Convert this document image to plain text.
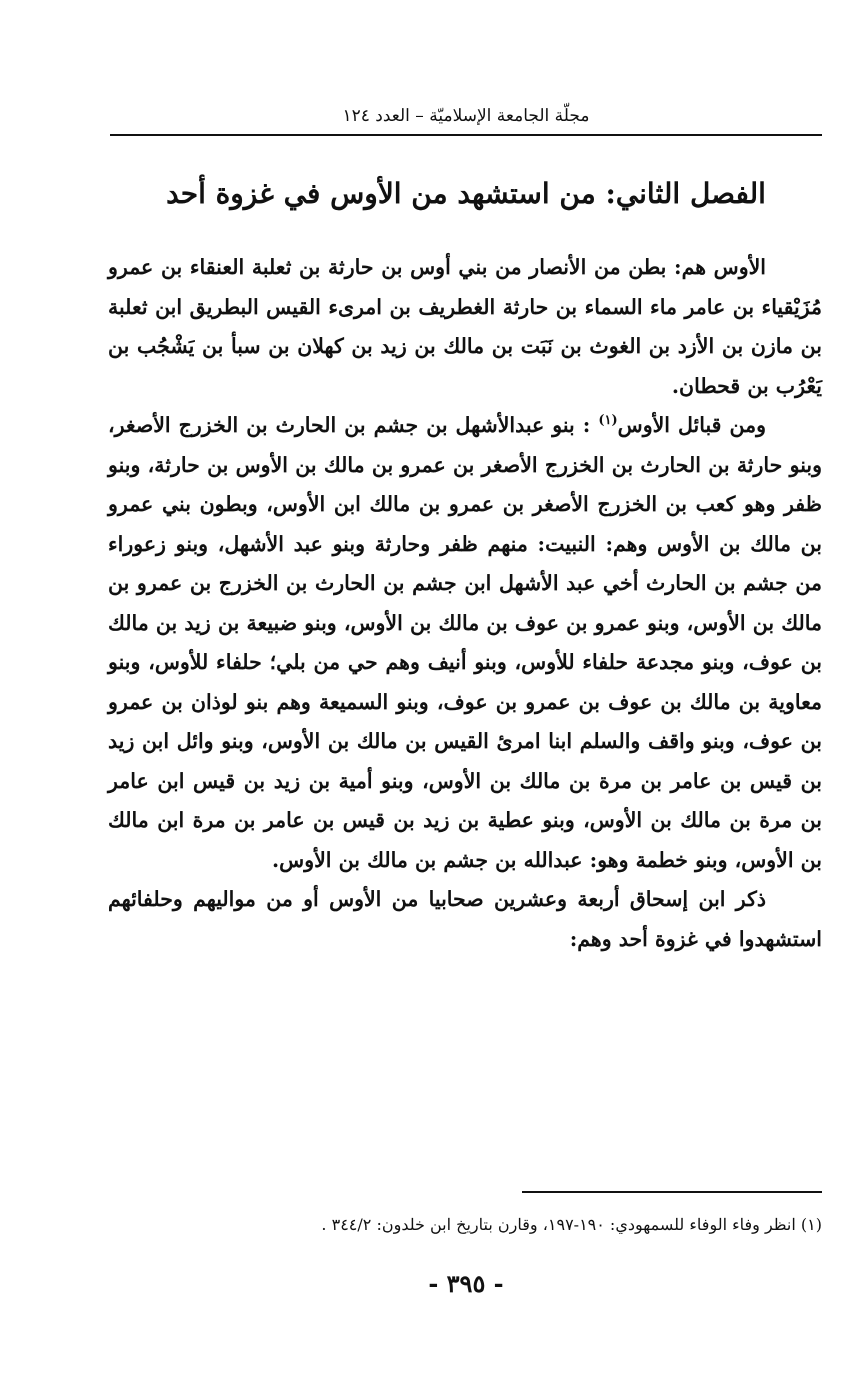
مجلّة الجامعة الإسلاميّة – العدد ١٢٤
الفصل الثاني: من استشهد من الأوس في غزوة أحد

الأوس هم: بطن من الأنصار من بني أوس بن حارثة بن ثعلبة العنقاء بن عمرو مُزَيْقياء بن عامر ماء السماء بن حارثة الغطريف بن امرىء القيس البطريق ابن ثعلبة بن مازن بن الأزد بن الغوث بن نَبَت بن مالك بن زيد بن كهلان بن سبأ بن يَشْجُب بن يَعْرُب بن قحطان.

ومن قبائل الأوس$^{(١)}$ : بنو عبدالأشهل بن جشم بن الحارث بن الخزرج الأصغر، وبنو حارثة بن الحارث بن الخزرج الأصغر بن عمرو بن مالك بن الأوس بن حارثة، وبنو ظفر وهو كعب بن الخزرج الأصغر بن عمرو بن مالك ابن الأوس، وبطون بني عمرو بن مالك بن الأوس وهم: النبيت: منهم ظفر وحارثة وبنو عبد الأشهل، وبنو زعوراء من جشم بن الحارث أخي عبد الأشهل ابن جشم بن الحارث بن الخزرج بن عمرو بن مالك بن الأوس، وبنو عمرو بن عوف بن مالك بن الأوس، وبنو ضبيعة بن زيد بن مالك بن عوف، وبنو مجدعة حلفاء للأوس، وبنو أنيف وهم حي من بلي؛ حلفاء للأوس، وبنو معاوية بن مالك بن عوف بن عمرو بن عوف، وبنو السميعة وهم بنو لوذان بن عمرو بن عوف، وبنو واقف والسلم ابنا امرئ القيس بن مالك بن الأوس، وبنو وائل ابن زيد بن قيس بن عامر بن مرة بن مالك بن الأوس، وبنو أمية بن زيد بن قيس ابن عامر بن مرة بن مالك بن الأوس، وبنو عطية بن زيد بن قيس بن عامر بن مرة ابن مالك بن الأوس، وبنو خطمة وهو: عبدالله بن جشم بن مالك بن الأوس.

ذكر ابن إسحاق أربعة وعشرين صحابيا من الأوس أو من مواليهم وحلفائهم استشهدوا في غزوة أحد وهم:

(١) انظر وفاء الوفاء للسمهودي: ١٩٠-١٩٧، وقارن بتاريخ ابن خلدون: ٣٤٤/٢ .
- ٣٩٥ -
